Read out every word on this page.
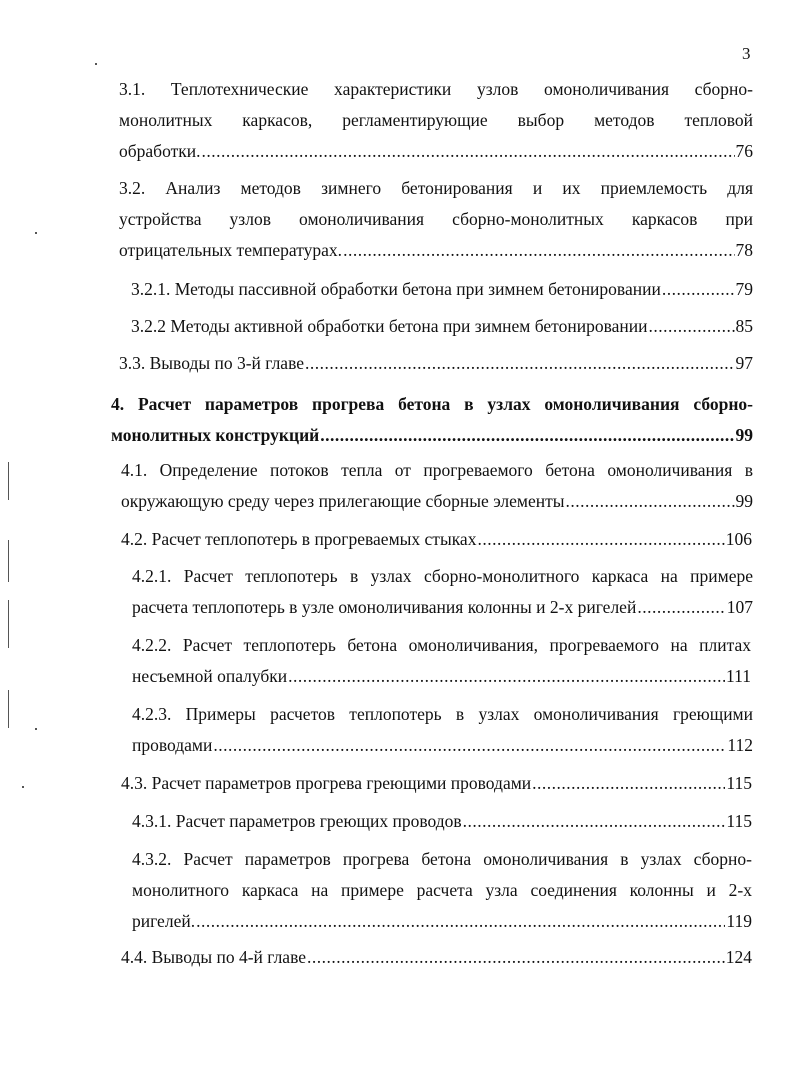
3
3.1. Теплотехнические характеристики узлов омоноличивания сборно-
монолитных каркасов, регламентирующие выбор методов тепловой
обработки. .....	76
3.2. Анализ методов зимнего бетонирования и их приемлемость для
устройства узлов омоноличивания сборно-монолитных каркасов при
отрицательных температурах. .....	78
3.2.1. Методы пассивной обработки бетона при зимнем бетонировании .....	79
3.2.2 Методы активной обработки бетона при зимнем бетонировании .....	85
3.3. Выводы по 3-й главе .....	97
4. Расчет параметров прогрева бетона в узлах омоноличивания сборно-
монолитных конструкций .....	99
4.1. Определение потоков тепла от прогреваемого бетона омоноличивания в
окружающую среду через прилегающие сборные элементы .....	99
4.2. Расчет теплопотерь в прогреваемых стыках .....	106
4.2.1. Расчет теплопотерь в узлах сборно-монолитного каркаса на примере
расчета теплопотерь в узле омоноличивания колонны и 2-х ригелей .....	107
4.2.2. Расчет теплопотерь бетона омоноличивания, прогреваемого на плитах
несъемной опалубки .....	111
4.2.3. Примеры расчетов теплопотерь в узлах омоноличивания греющими
проводами .....	112
4.3. Расчет параметров прогрева греющими проводами .....	115
4.3.1. Расчет параметров греющих проводов .....	115
4.3.2. Расчет параметров прогрева бетона омоноличивания в узлах сборно-
монолитного каркаса на примере расчета узла соединения колонны и 2-х
ригелей. .....	119
4.4. Выводы по 4-й главе .....	124
